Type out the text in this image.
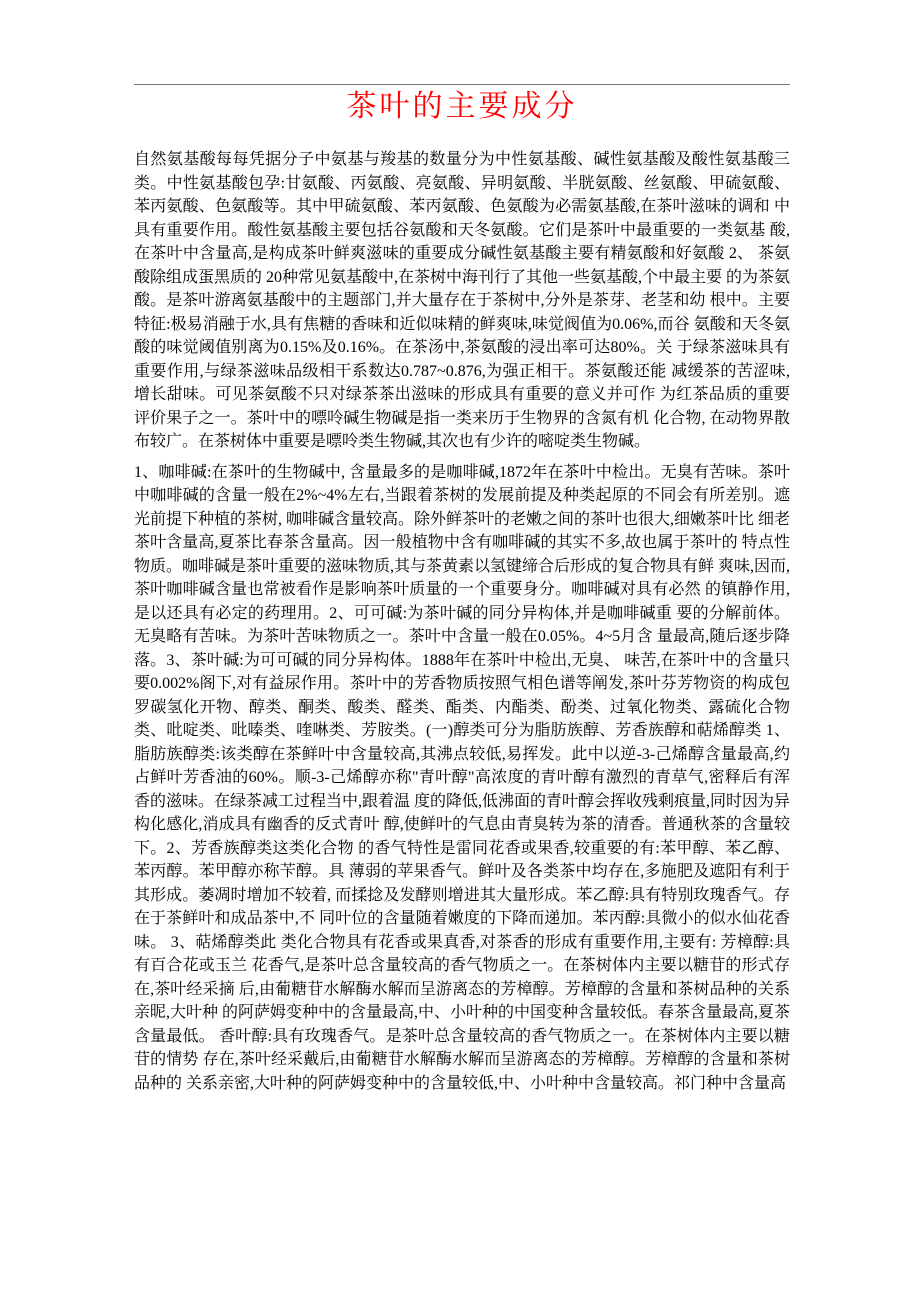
茶叶的主要成分

自然氨基酸每每凭据分子中氨基与羧基的数量分为中性氨基酸、碱性氨基酸及酸性氨基酸三类。中性氨基酸包孕:甘氨酸、丙氨酸、亮氨酸、异明氨酸、半胱氨酸、丝氨酸、甲硫氨酸、 苯丙氨酸、色氨酸等。其中甲硫氨酸、苯丙氨酸、色氨酸为必需氨基酸,在茶叶滋味的调和 中具有重要作用。酸性氨基酸主要包括谷氨酸和天冬氨酸。它们是茶叶中最重要的一类氨基 酸,在茶叶中含量高,是构成茶叶鲜爽滋味的重要成分碱性氨基酸主要有精氨酸和好氨酸 2、 茶氨酸除组成蛋黑质的 20种常见氨基酸中,在茶树中海刊行了其他一些氨基酸,个中最主要 的为茶氨酸。是茶叶游离氨基酸中的主题部门,并大量存在于茶树中,分外是茶芽、老茎和幼 根中。主要特征:极易消融于水,具有焦糖的香味和近似味精的鲜爽味,味觉阀值为0.06%,而谷 氨酸和天冬氨酸的味觉阈值别离为0.15%及0.16%。在茶汤中,茶氨酸的浸出率可达80%。关 于绿茶滋味具有重要作用,与绿茶滋味品级相干系数达0.787~0.876,为强正相干。茶氨酸还能 减缓茶的苦涩味,增长甜味。可见茶氨酸不只对绿茶茶出滋味的形成具有重要的意义并可作 为红茶品质的重要评价果子之一。茶叶中的嘌呤碱生物碱是指一类来历于生物界的含氮有机 化合物, 在动物界散布较广。在茶树体中重要是嘌呤类生物碱,其次也有少许的嘧啶类生物碱。

1、咖啡碱:在茶叶的生物碱中, 含量最多的是咖啡碱,1872年在茶叶中检出。无臭有苦味。茶叶中咖啡碱的含量一般在2%~4%左右,当跟着茶树的发展前提及种类起原的不同会有所差别。遮光前提下种植的茶树, 咖啡碱含量较高。除外鲜茶叶的老嫩之间的茶叶也很大,细嫩茶叶比 细老茶叶含量高,夏茶比春茶含量高。因一般植物中含有咖啡碱的其实不多,故也属于茶叶的 特点性物质。咖啡碱是茶叶重要的滋味物质,其与茶黄素以氢键缔合后形成的复合物具有鲜 爽味,因而,茶叶咖啡碱含量也常被看作是影响茶叶质量的一个重要身分。咖啡碱对具有必然 的镇静作用,是以还具有必定的药理用。2、可可碱:为茶叶碱的同分异构体,并是咖啡碱重 要的分解前体。无臭略有苦味。为茶叶苦味物质之一。茶叶中含量一般在0.05%。4~5月含 量最高,随后逐步降落。3、茶叶碱:为可可碱的同分异构体。1888年在茶叶中检出,无臭、 味苦,在茶叶中的含量只要0.002%阁下,对有益尿作用。茶叶中的芳香物质按照气相色谱等阐发,茶叶芬芳物资的构成包罗碳氢化开物、醇类、酮类、酸类、醛类、酯类、内酯类、酚类、过氧化物类、露硫化合物类、吡啶类、吡嗪类、喹啉类、芳胺类。(一)醇类可分为脂肪族醇、芳香族醇和萜烯醇类 1、脂肪族醇类:该类醇在茶鲜叶中含量较高,其沸点较低,易挥发。此中以逆-3-己烯醇含量最高,约占鲜叶芳香油的60%。顺-3-己烯醇亦称"青叶醇"高浓度的青叶醇有激烈的青草气,密释后有浑香的滋味。在绿茶减工过程当中,跟着温 度的降低,低沸面的青叶醇会挥收残剩痕量,同时因为异构化感化,消成具有幽香的反式青叶 醇,使鲜叶的气息由青臭转为茶的清香。普通秋茶的含量较下。2、芳香族醇类这类化合物 的香气特性是雷同花香或果香,较重要的有:苯甲醇、苯乙醇、苯丙醇。苯甲醇亦称苄醇。具 薄弱的苹果香气。鲜叶及各类茶中均存在,多施肥及遮阳有利于其形成。萎凋时增加不较着, 而揉捻及发酵则增进其大量形成。苯乙醇:具有特别玫瑰香气。存在于茶鲜叶和成品茶中,不 同叶位的含量随着嫩度的下降而递加。苯丙醇:具微小的似水仙花香味。 3、萜烯醇类此 类化合物具有花香或果真香,对茶香的形成有重要作用,主要有: 芳樟醇:具有百合花或玉兰 花香气,是茶叶总含量较高的香气物质之一。在茶树体内主要以糖苷的形式存在,茶叶经采摘 后,由葡糖苷水解酶水解而呈游离态的芳樟醇。芳樟醇的含量和茶树品种的关系亲昵,大叶种 的阿萨姆变种中的含量最高,中、小叶种的中国变种含量较低。春茶含量最高,夏茶含量最低。 香叶醇:具有玫瑰香气。是茶叶总含量较高的香气物质之一。在茶树体内主要以糖苷的情势 存在,茶叶经采戴后,由葡糖苷水解酶水解而呈游离态的芳樟醇。芳樟醇的含量和茶树品种的 关系亲密,大叶种的阿萨姆变种中的含量较低,中、小叶种中含量较高。祁门种中含量高
